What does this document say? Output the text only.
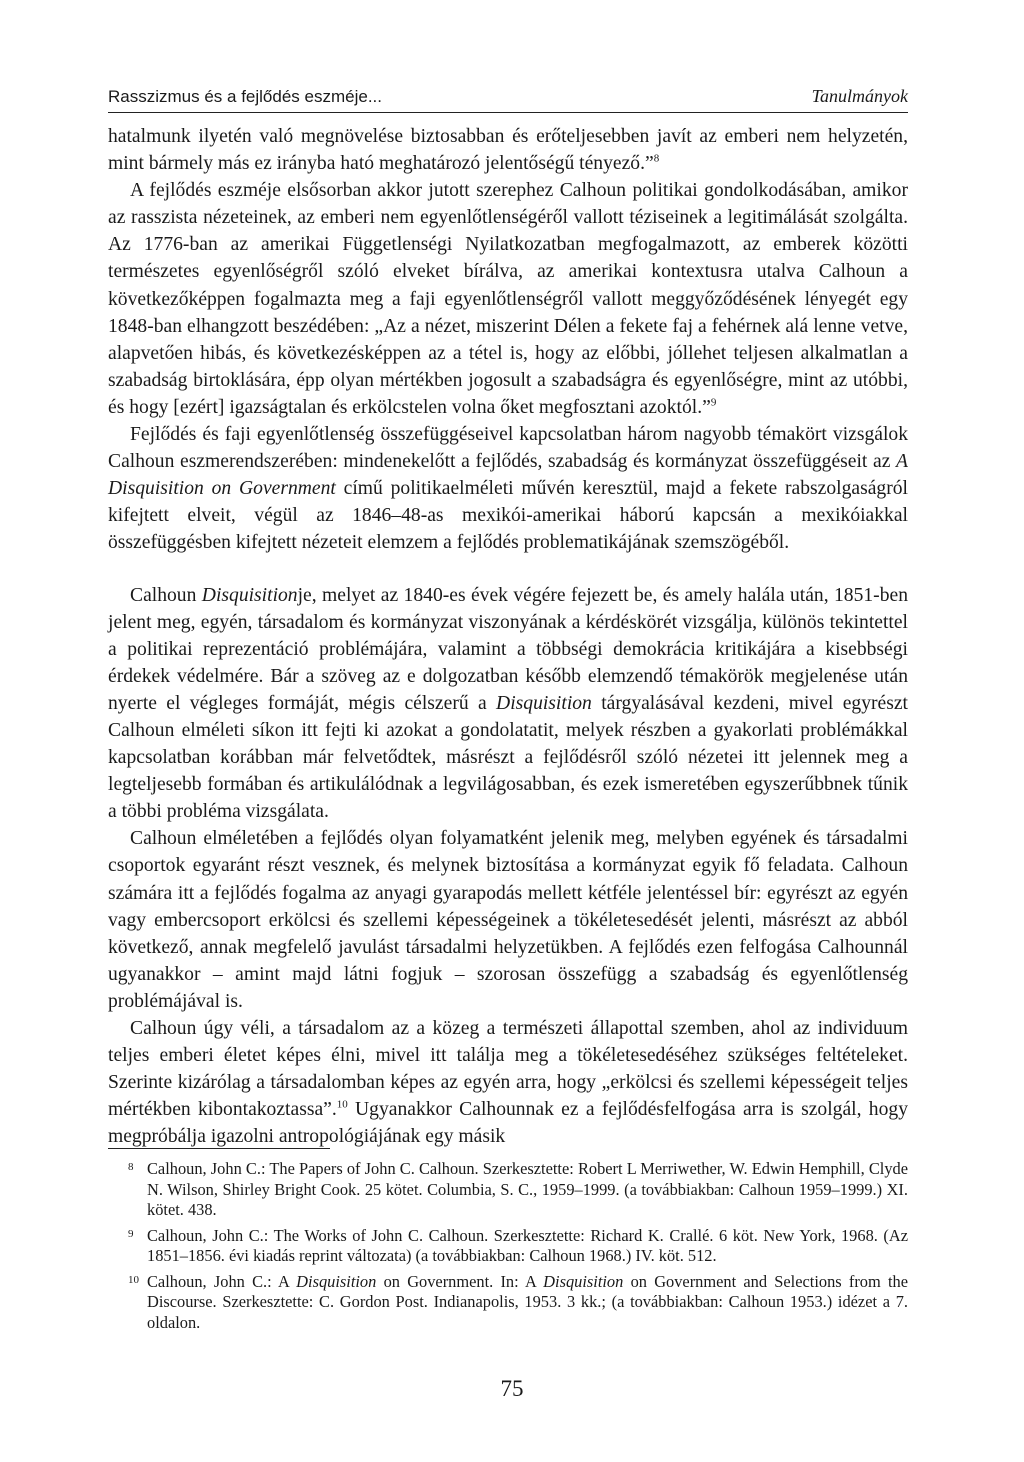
Rasszizmus és a fejlődés eszméje...	Tanulmányok

hatalmunk ilyetén való megnövelése biztosabban és erőteljesebben javít az emberi nem helyzetén, mint bármely más ez irányba ható meghatározó jelentőségű tényező.”$^8$

A fejlődés eszméje elsősorban akkor jutott szerephez Calhoun politikai gondolkodásában, amikor az rasszista nézeteinek, az emberi nem egyenlőtlenségéről vallott téziseinek a legitimálását szolgálta. Az 1776-ban az amerikai Függetlenségi Nyilatkozatban megfogalmazott, az emberek közötti természetes egyenlőségről szóló elveket bírálva, az amerikai kontextusra utalva Calhoun a következőképpen fogalmazta meg a faji egyenlőtlenségről vallott meggyőződésének lényegét egy 1848-ban elhangzott beszédében: „Az a nézet, miszerint Délen a fekete faj a fehérnek alá lenne vetve, alapvetően hibás, és következésképpen az a tétel is, hogy az előbbi, jóllehet teljesen alkalmatlan a szabadság birtoklására, épp olyan mértékben jogosult a szabadságra és egyenlőségre, mint az utóbbi, és hogy [ezért] igazságtalan és erkölcstelen volna őket megfosztani azoktól.”$^9$

Fejlődés és faji egyenlőtlenség összefüggéseivel kapcsolatban három nagyobb témakört vizsgálok Calhoun eszmerendszerében: mindenekelőtt a fejlődés, szabadság és kormányzat összefüggéseit az A Disquisition on Government című politikaelméleti művén keresztül, majd a fekete rabszolgaságról kifejtett elveit, végül az 1846–48-as mexikói-amerikai háború kapcsán a mexikóiakkal összefüggésben kifejtett nézeteit elemzem a fejlődés problematikájának szemszögéből.

Calhoun Disquisitionje, melyet az 1840-es évek végére fejezett be, és amely halála után, 1851-ben jelent meg, egyén, társadalom és kormányzat viszonyának a kérdéskörét vizsgálja, különös tekintettel a politikai reprezentáció problémájára, valamint a többségi demokrácia kritikájára a kisebbségi érdekek védelmére. Bár a szöveg az e dolgozatban később elemzendő témakörök megjelenése után nyerte el végleges formáját, mégis célszerű a Disquisition tárgyalásával kezdeni, mivel egyrészt Calhoun elméleti síkon itt fejti ki azokat a gondolatatit, melyek részben a gyakorlati problémákkal kapcsolatban korábban már felvetődtek, másrészt a fejlődésről szóló nézetei itt jelennek meg a legteljesebb formában és artikulálódnak a legvilágosabban, és ezek ismeretében egyszerűbbnek tűnik a többi probléma vizsgálata.

Calhoun elméletében a fejlődés olyan folyamatként jelenik meg, melyben egyének és társadalmi csoportok egyaránt részt vesznek, és melynek biztosítása a kormányzat egyik fő feladata. Calhoun számára itt a fejlődés fogalma az anyagi gyarapodás mellett kétféle jelentéssel bír: egyrészt az egyén vagy embercsoport erkölcsi és szellemi képességeinek a tökéletesedését jelenti, másrészt az abból következő, annak megfelelő javulást társadalmi helyzetükben. A fejlődés ezen felfogása Calhounnál ugyanakkor – amint majd látni fogjuk – szorosan összefügg a szabadság és egyenlőtlenség problémájával is.

Calhoun úgy véli, a társadalom az a közeg a természeti állapottal szemben, ahol az individuum teljes emberi életet képes élni, mivel itt találja meg a tökéletesedéséhez szükséges feltételeket. Szerinte kizárólag a társadalomban képes az egyén arra, hogy „erkölcsi és szellemi képességeit teljes mértékben kibontakoztassa”.$^{10}$ Ugyanakkor Calhounnak ez a fejlődésfelfogása arra is szolgál, hogy megpróbálja igazolni antropológiájának egy másik

8 Calhoun, John C.: The Papers of John C. Calhoun. Szerkesztette: Robert L Merriwether, W. Edwin Hemphill, Clyde N. Wilson, Shirley Bright Cook. 25 kötet. Columbia, S. C., 1959–1999. (a továbbiakban: Calhoun 1959–1999.) XI. kötet. 438.
9 Calhoun, John C.: The Works of John C. Calhoun. Szerkesztette: Richard K. Crallé. 6 köt. New York, 1968. (Az 1851–1856. évi kiadás reprint változata) (a továbbiakban: Calhoun 1968.) IV. köt. 512.
10 Calhoun, John C.: A Disquisition on Government. In: A Disquisition on Government and Selections from the Discourse. Szerkesztette: C. Gordon Post. Indianapolis, 1953. 3 kk.; (a továbbiakban: Calhoun 1953.) idézet a 7. oldalon.
75
